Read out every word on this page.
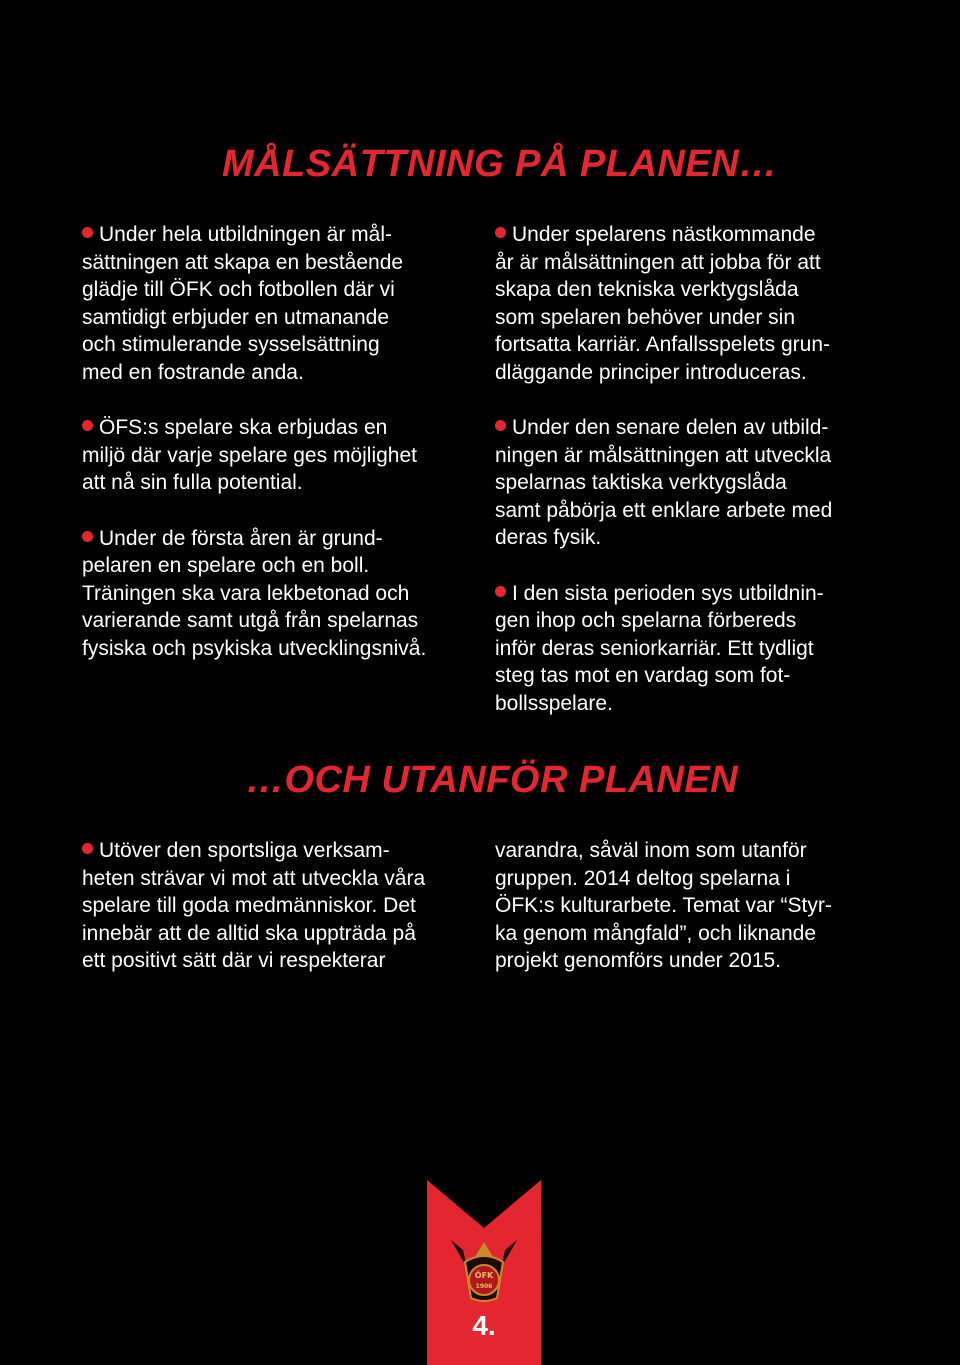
MÅLSÄTTNING PÅ PLANEN…

Under hela utbildningen är mål-
sättningen att skapa en bestående
glädje till ÖFK och fotbollen där vi
samtidigt erbjuder en utmanande
och stimulerande sysselsättning
med en fostrande anda.

ÖFS:s spelare ska erbjudas en
miljö där varje spelare ges möjlighet
att nå sin fulla potential.

Under de första åren är grund-
pelaren en spelare och en boll.
Träningen ska vara lekbetonad och
varierande samt utgå från spelarnas
fysiska och psykiska utvecklingsnivå.

Under spelarens nästkommande
år är målsättningen att jobba för att
skapa den tekniska verktygslåda
som spelaren behöver under sin
fortsatta karriär. Anfallsspelets grun-
dläggande principer introduceras.

Under den senare delen av utbild-
ningen är målsättningen att utveckla
spelarnas taktiska verktygslåda
samt påbörja ett enklare arbete med
deras fysik.

I den sista perioden sys utbildnin-
gen ihop och spelarna förbereds
inför deras seniorkarriär. Ett tydligt
steg tas mot en vardag som fot-
bollsspelare.

…OCH UTANFÖR PLANEN

Utöver den sportsliga verksam-
heten strävar vi mot att utveckla våra
spelare till goda medmänniskor. Det
innebär att de alltid ska uppträda på
ett positivt sätt där vi respekterar

varandra, såväl inom som utanför
gruppen. 2014 deltog spelarna i
ÖFK:s kulturarbete. Temat var “Styr-
ka genom mångfald”, och liknande
projekt genomförs under 2015.

ÖFK
1906
4.
